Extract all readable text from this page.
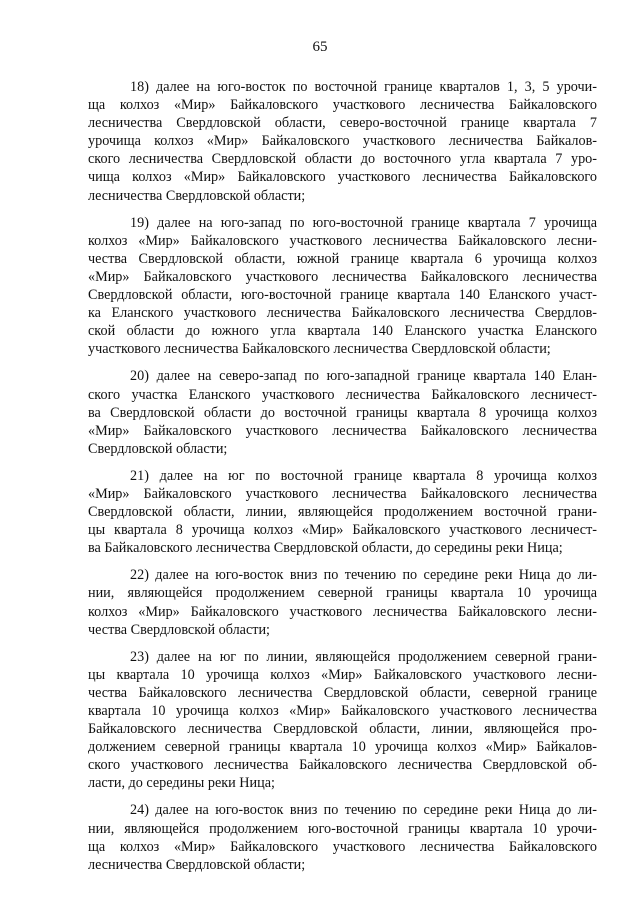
65

18) далее на юго-восток по восточной границе кварталов 1, 3, 5 урочи-
ща колхоз «Мир» Байкаловского участкового лесничества Байкаловского
лесничества Свердловской области, северо-восточной границе квартала 7
урочища колхоз «Мир» Байкаловского участкового лесничества Байкалов-
ского лесничества Свердловской области до восточного угла квартала 7 уро-
чища колхоз «Мир» Байкаловского участкового лесничества Байкаловского
лесничества Свердловской области;

19) далее на юго-запад по юго-восточной границе квартала 7 урочища
колхоз «Мир» Байкаловского участкового лесничества Байкаловского лесни-
чества Свердловской области, южной границе квартала 6 урочища колхоз
«Мир» Байкаловского участкового лесничества Байкаловского лесничества
Свердловской области, юго-восточной границе квартала 140 Еланского участ-
ка Еланского участкового лесничества Байкаловского лесничества Свердлов-
ской области до южного угла квартала 140 Еланского участка Еланского
участкового лесничества Байкаловского лесничества Свердловской области;

20) далее на северо-запад по юго-западной границе квартала 140 Елан-
ского участка Еланского участкового лесничества Байкаловского лесничест-
ва Свердловской области до восточной границы квартала 8 урочища колхоз
«Мир» Байкаловского участкового лесничества Байкаловского лесничества
Свердловской области;

21) далее на юг по восточной границе квартала 8 урочища колхоз
«Мир» Байкаловского участкового лесничества Байкаловского лесничества
Свердловской области, линии, являющейся продолжением восточной грани-
цы квартала 8 урочища колхоз «Мир» Байкаловского участкового лесничест-
ва Байкаловского лесничества Свердловской области, до середины реки Ница;

22) далее на юго-восток вниз по течению по середине реки Ница до ли-
нии, являющейся продолжением северной границы квартала 10 урочища
колхоз «Мир» Байкаловского участкового лесничества Байкаловского лесни-
чества Свердловской области;

23) далее на юг по линии, являющейся продолжением северной грани-
цы квартала 10 урочища колхоз «Мир» Байкаловского участкового лесни-
чества Байкаловского лесничества Свердловской области, северной границе
квартала 10 урочища колхоз «Мир» Байкаловского участкового лесничества
Байкаловского лесничества Свердловской области, линии, являющейся про-
должением северной границы квартала 10 урочища колхоз «Мир» Байкалов-
ского участкового лесничества Байкаловского лесничества Свердловской об-
ласти, до середины реки Ница;

24) далее на юго-восток вниз по течению по середине реки Ница до ли-
нии, являющейся продолжением юго-восточной границы квартала 10 урочи-
ща колхоз «Мир» Байкаловского участкового лесничества Байкаловского
лесничества Свердловской области;
